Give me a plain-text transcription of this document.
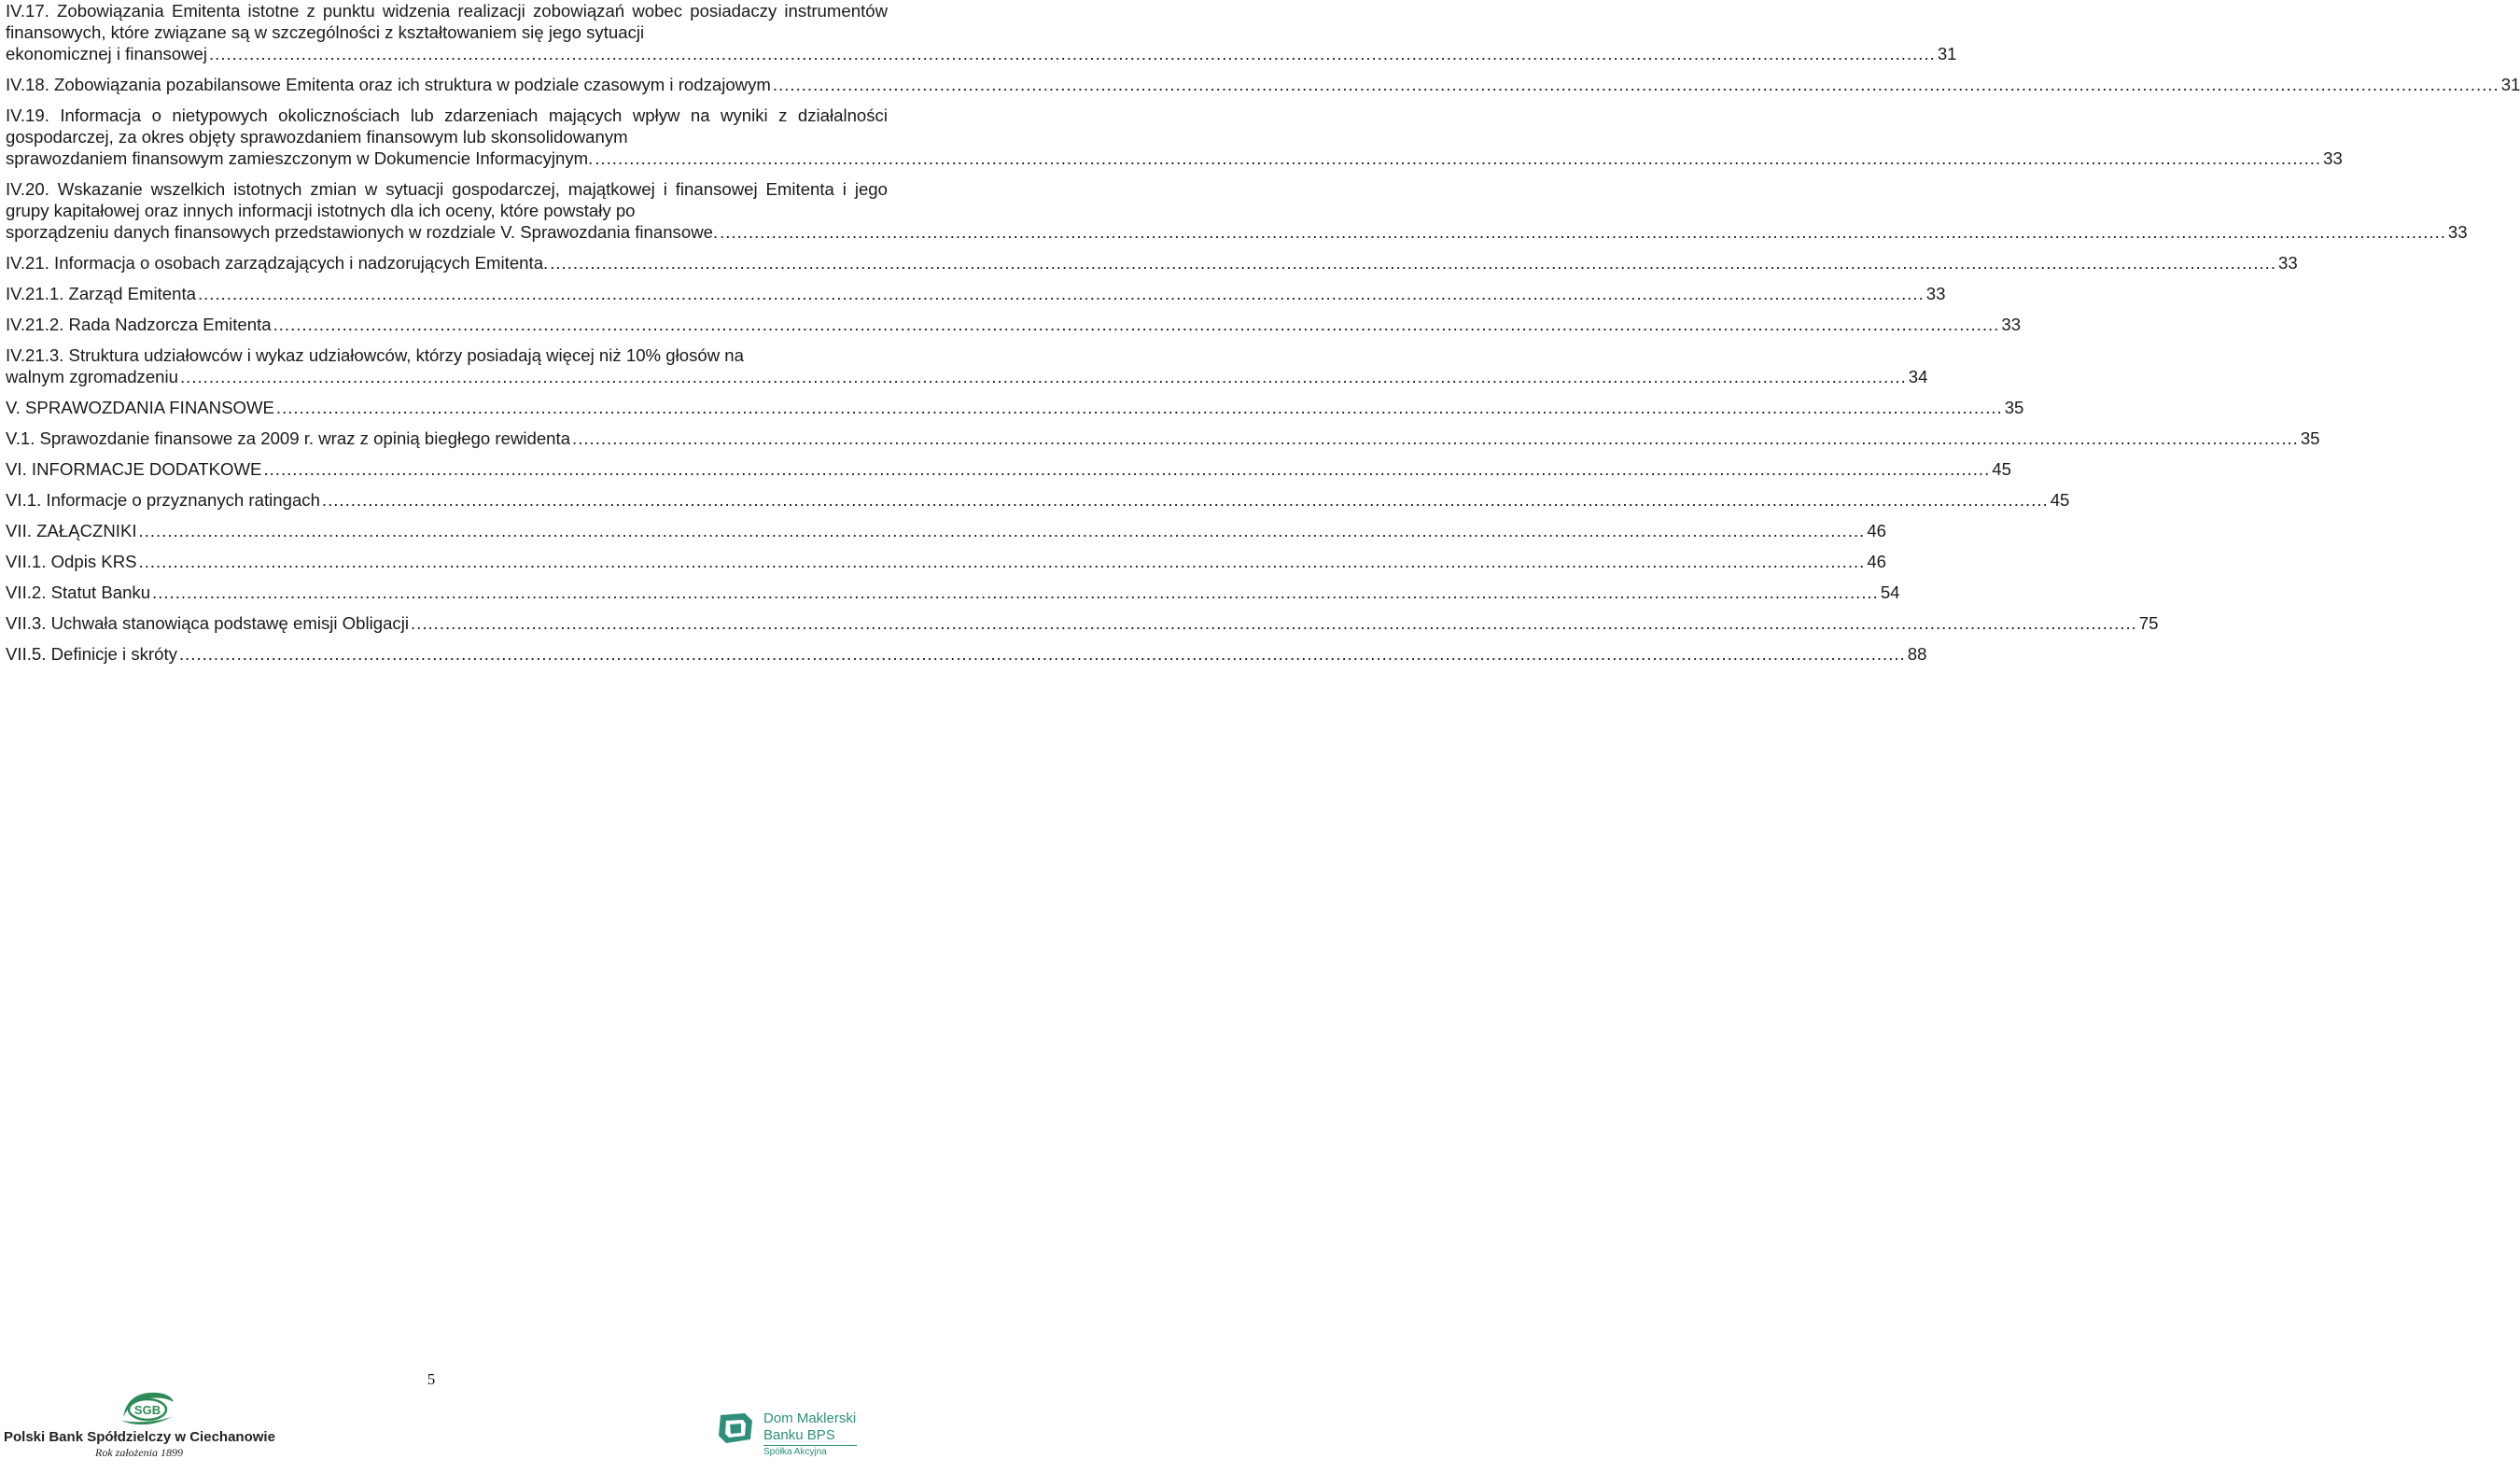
IV.17. Zobowiązania Emitenta istotne z punktu widzenia realizacji zobowiązań wobec posiadaczy instrumentów finansowych, które związane są w szczególności z kształtowaniem się jego sytuacji
ekonomicznej i finansowej ............................................................................................................................................................................................................................................................................................................ 31
IV.18. Zobowiązania pozabilansowe Emitenta oraz ich struktura w podziale czasowym i rodzajowym ............................................................................................................................................................................................................................................................................................................ 31
IV.19. Informacja o nietypowych okolicznościach lub zdarzeniach mających wpływ na wyniki z działalności gospodarczej, za okres objęty sprawozdaniem finansowym lub skonsolidowanym
sprawozdaniem finansowym zamieszczonym w Dokumencie Informacyjnym. ............................................................................................................................................................................................................................................................................................................ 33
IV.20. Wskazanie wszelkich istotnych zmian w sytuacji gospodarczej, majątkowej i finansowej Emitenta i jego grupy kapitałowej oraz innych informacji istotnych dla ich oceny, które powstały po
sporządzeniu danych finansowych przedstawionych w rozdziale V. Sprawozdania finansowe. ............................................................................................................................................................................................................................................................................................................ 33
IV.21. Informacja o osobach zarządzających i nadzorujących Emitenta. ............................................................................................................................................................................................................................................................................................................ 33
IV.21.1. Zarząd Emitenta ............................................................................................................................................................................................................................................................................................................ 33
IV.21.2. Rada Nadzorcza Emitenta ............................................................................................................................................................................................................................................................................................................ 33
IV.21.3. Struktura udziałowców i wykaz udziałowców, którzy posiadają więcej niż 10% głosów na
walnym zgromadzeniu ............................................................................................................................................................................................................................................................................................................ 34
V. SPRAWOZDANIA FINANSOWE ............................................................................................................................................................................................................................................................................................................ 35
V.1. Sprawozdanie finansowe za 2009 r. wraz z opinią biegłego rewidenta ............................................................................................................................................................................................................................................................................................................ 35
VI. INFORMACJE DODATKOWE ............................................................................................................................................................................................................................................................................................................ 45
VI.1. Informacje o przyznanych ratingach ............................................................................................................................................................................................................................................................................................................ 45
VII. ZAŁĄCZNIKI ............................................................................................................................................................................................................................................................................................................ 46
VII.1. Odpis KRS ............................................................................................................................................................................................................................................................................................................ 46
VII.2. Statut Banku ............................................................................................................................................................................................................................................................................................................ 54
VII.3. Uchwała stanowiąca podstawę emisji Obligacji ............................................................................................................................................................................................................................................................................................................ 75
VII.5. Definicje i skróty ............................................................................................................................................................................................................................................................................................................ 88
5
SGB
Polski Bank Spółdzielczy w Ciechanowie
Rok założenia 1899
Dom Maklerski
Banku BPS
Spółka Akcyjna
